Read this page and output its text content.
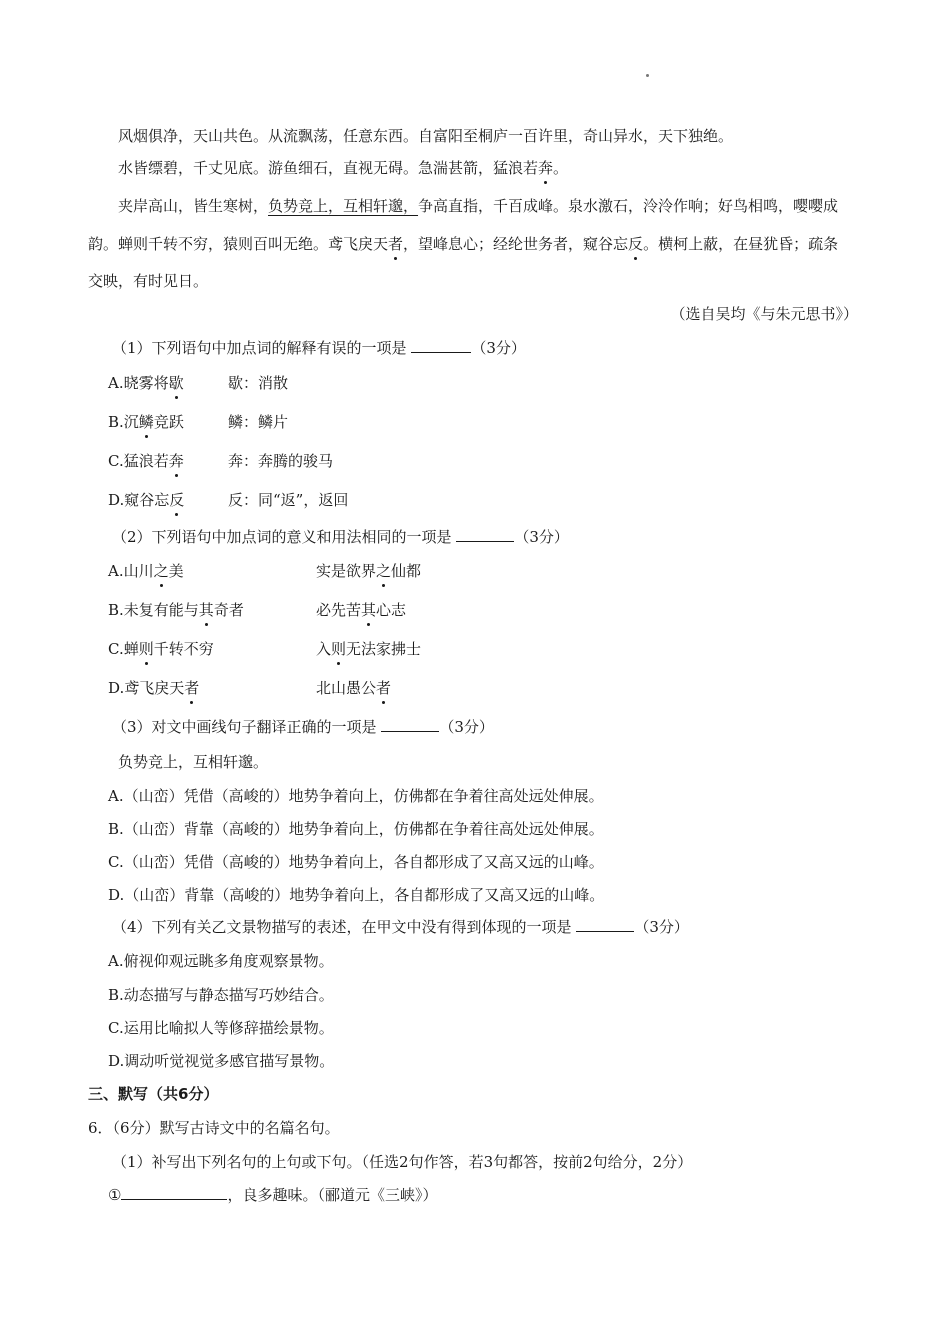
风烟俱净，天山共色。从流飘荡，任意东西。自富阳至桐庐一百许里，奇山异水，天下独绝。
水皆缥碧，千丈见底。游鱼细石，直视无碍。急湍甚箭，猛浪若奔。
夹岸高山，皆生寒树，负势竞上，互相轩邈，争高直指，千百成峰。泉水激石，泠泠作响；好鸟相鸣，嘤嘤成
韵。蝉则千转不穷，猿则百叫无绝。鸢飞戾天者，望峰息心；经纶世务者，窥谷忘反。横柯上蔽，在昼犹昏；疏条
交映，有时见日。
（选自吴均《与朱元思书》）
（1）下列语句中加点词的解释有误的一项是	（3分）
A.晓雾将歇	歇：消散
B.沉鳞竞跃	鳞：鳞片
C.猛浪若奔	奔：奔腾的骏马
D.窥谷忘反	反：同“返”，返回
（2）下列语句中加点词的意义和用法相同的一项是	（3分）
A.山川之美	实是欲界之仙都
B.未复有能与其奇者	必先苦其心志
C.蝉则千转不穷	入则无法家拂士
D.鸢飞戾天者	北山愚公者
（3）对文中画线句子翻译正确的一项是	（3分）
负势竞上，互相轩邈。
A.（山峦）凭借（高峻的）地势争着向上，仿佛都在争着往高处远处伸展。
B.（山峦）背靠（高峻的）地势争着向上，仿佛都在争着往高处远处伸展。
C.（山峦）凭借（高峻的）地势争着向上，各自都形成了又高又远的山峰。
D.（山峦）背靠（高峻的）地势争着向上，各自都形成了又高又远的山峰。
（4）下列有关乙文景物描写的表述，在甲文中没有得到体现的一项是	（3分）
A.俯视仰观远眺多角度观察景物。
B.动态描写与静态描写巧妙结合。
C.运用比喻拟人等修辞描绘景物。
D.调动听觉视觉多感官描写景物。
三、默写（共6分）
6．（6分）默写古诗文中的名篇名句。
（1）补写出下列名句的上句或下句。（任选2句作答，若3句都答，按前2句给分，2分）
①	，良多趣味。（郦道元《三峡》）
